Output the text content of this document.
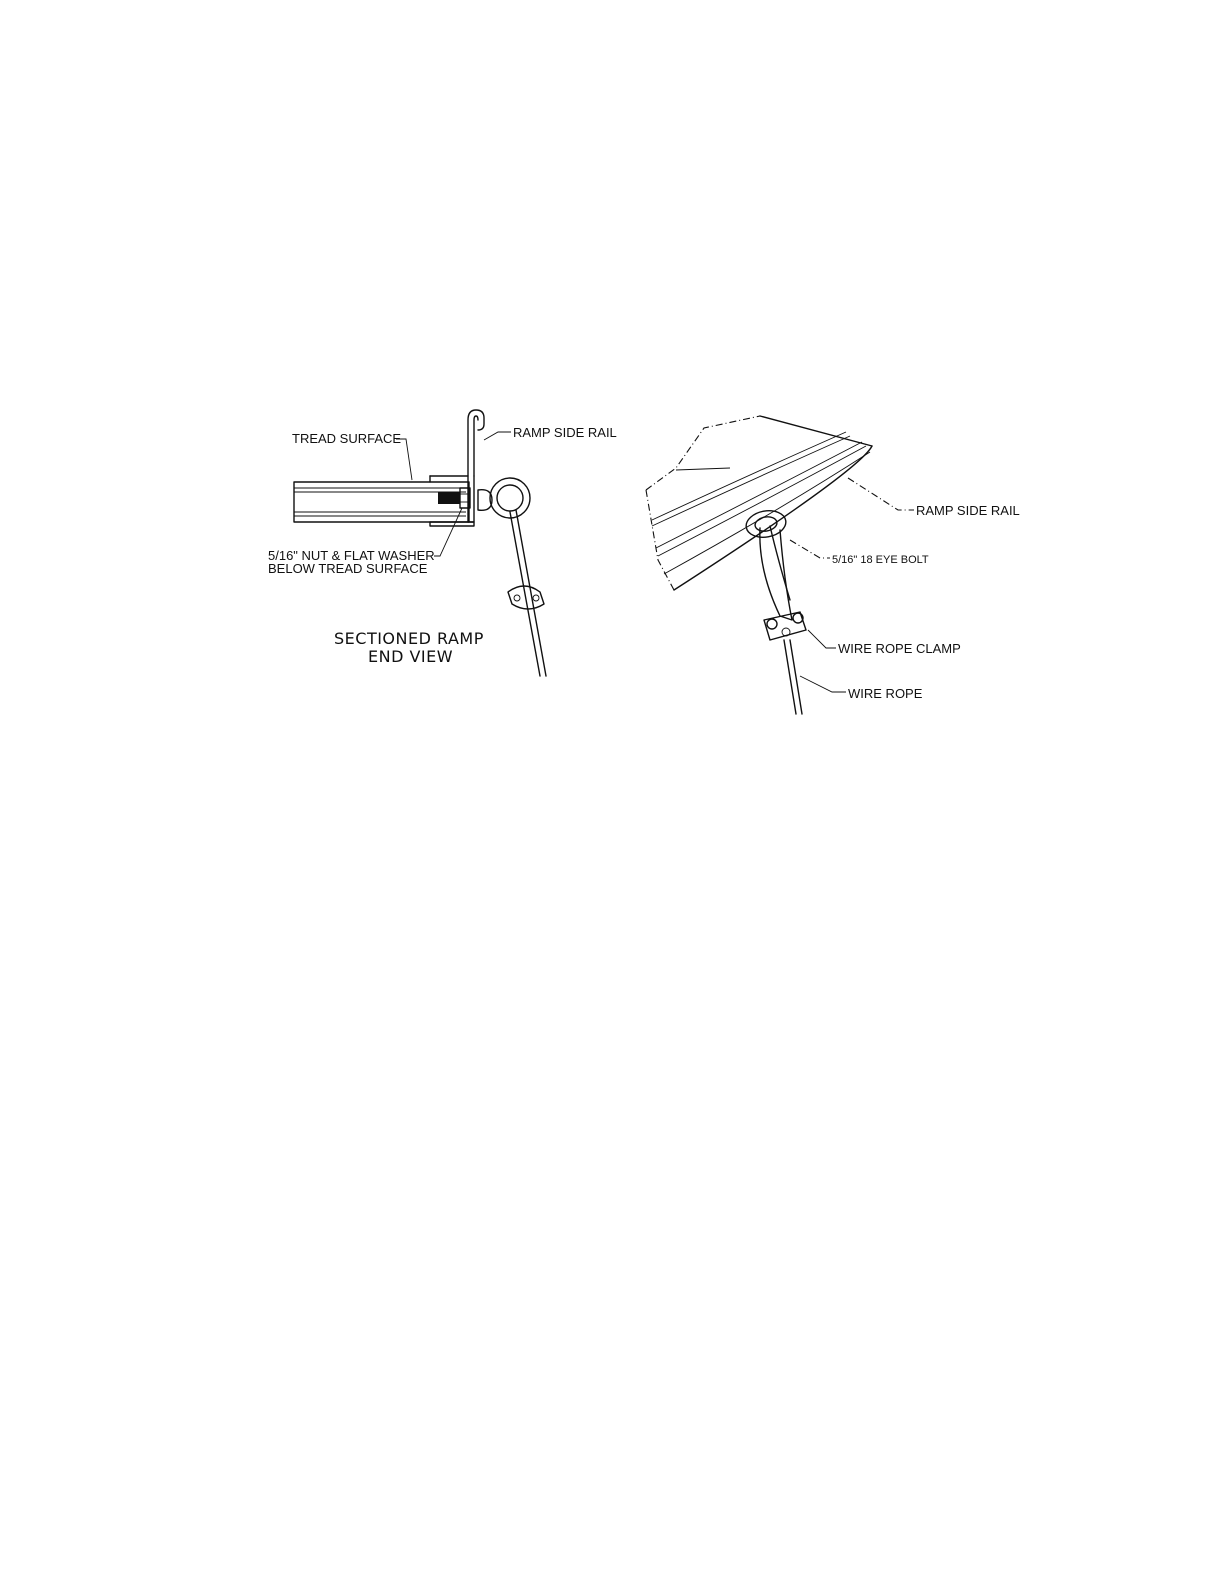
TREAD SURFACE	RAMP SIDE RAIL
5/16" NUT & FLAT WASHER
BELOW TREAD SURFACE
SECTIONED RAMP
END VIEW
RAMP SIDE RAIL
5/16" 18 EYE BOLT
WIRE ROPE CLAMP
WIRE ROPE
